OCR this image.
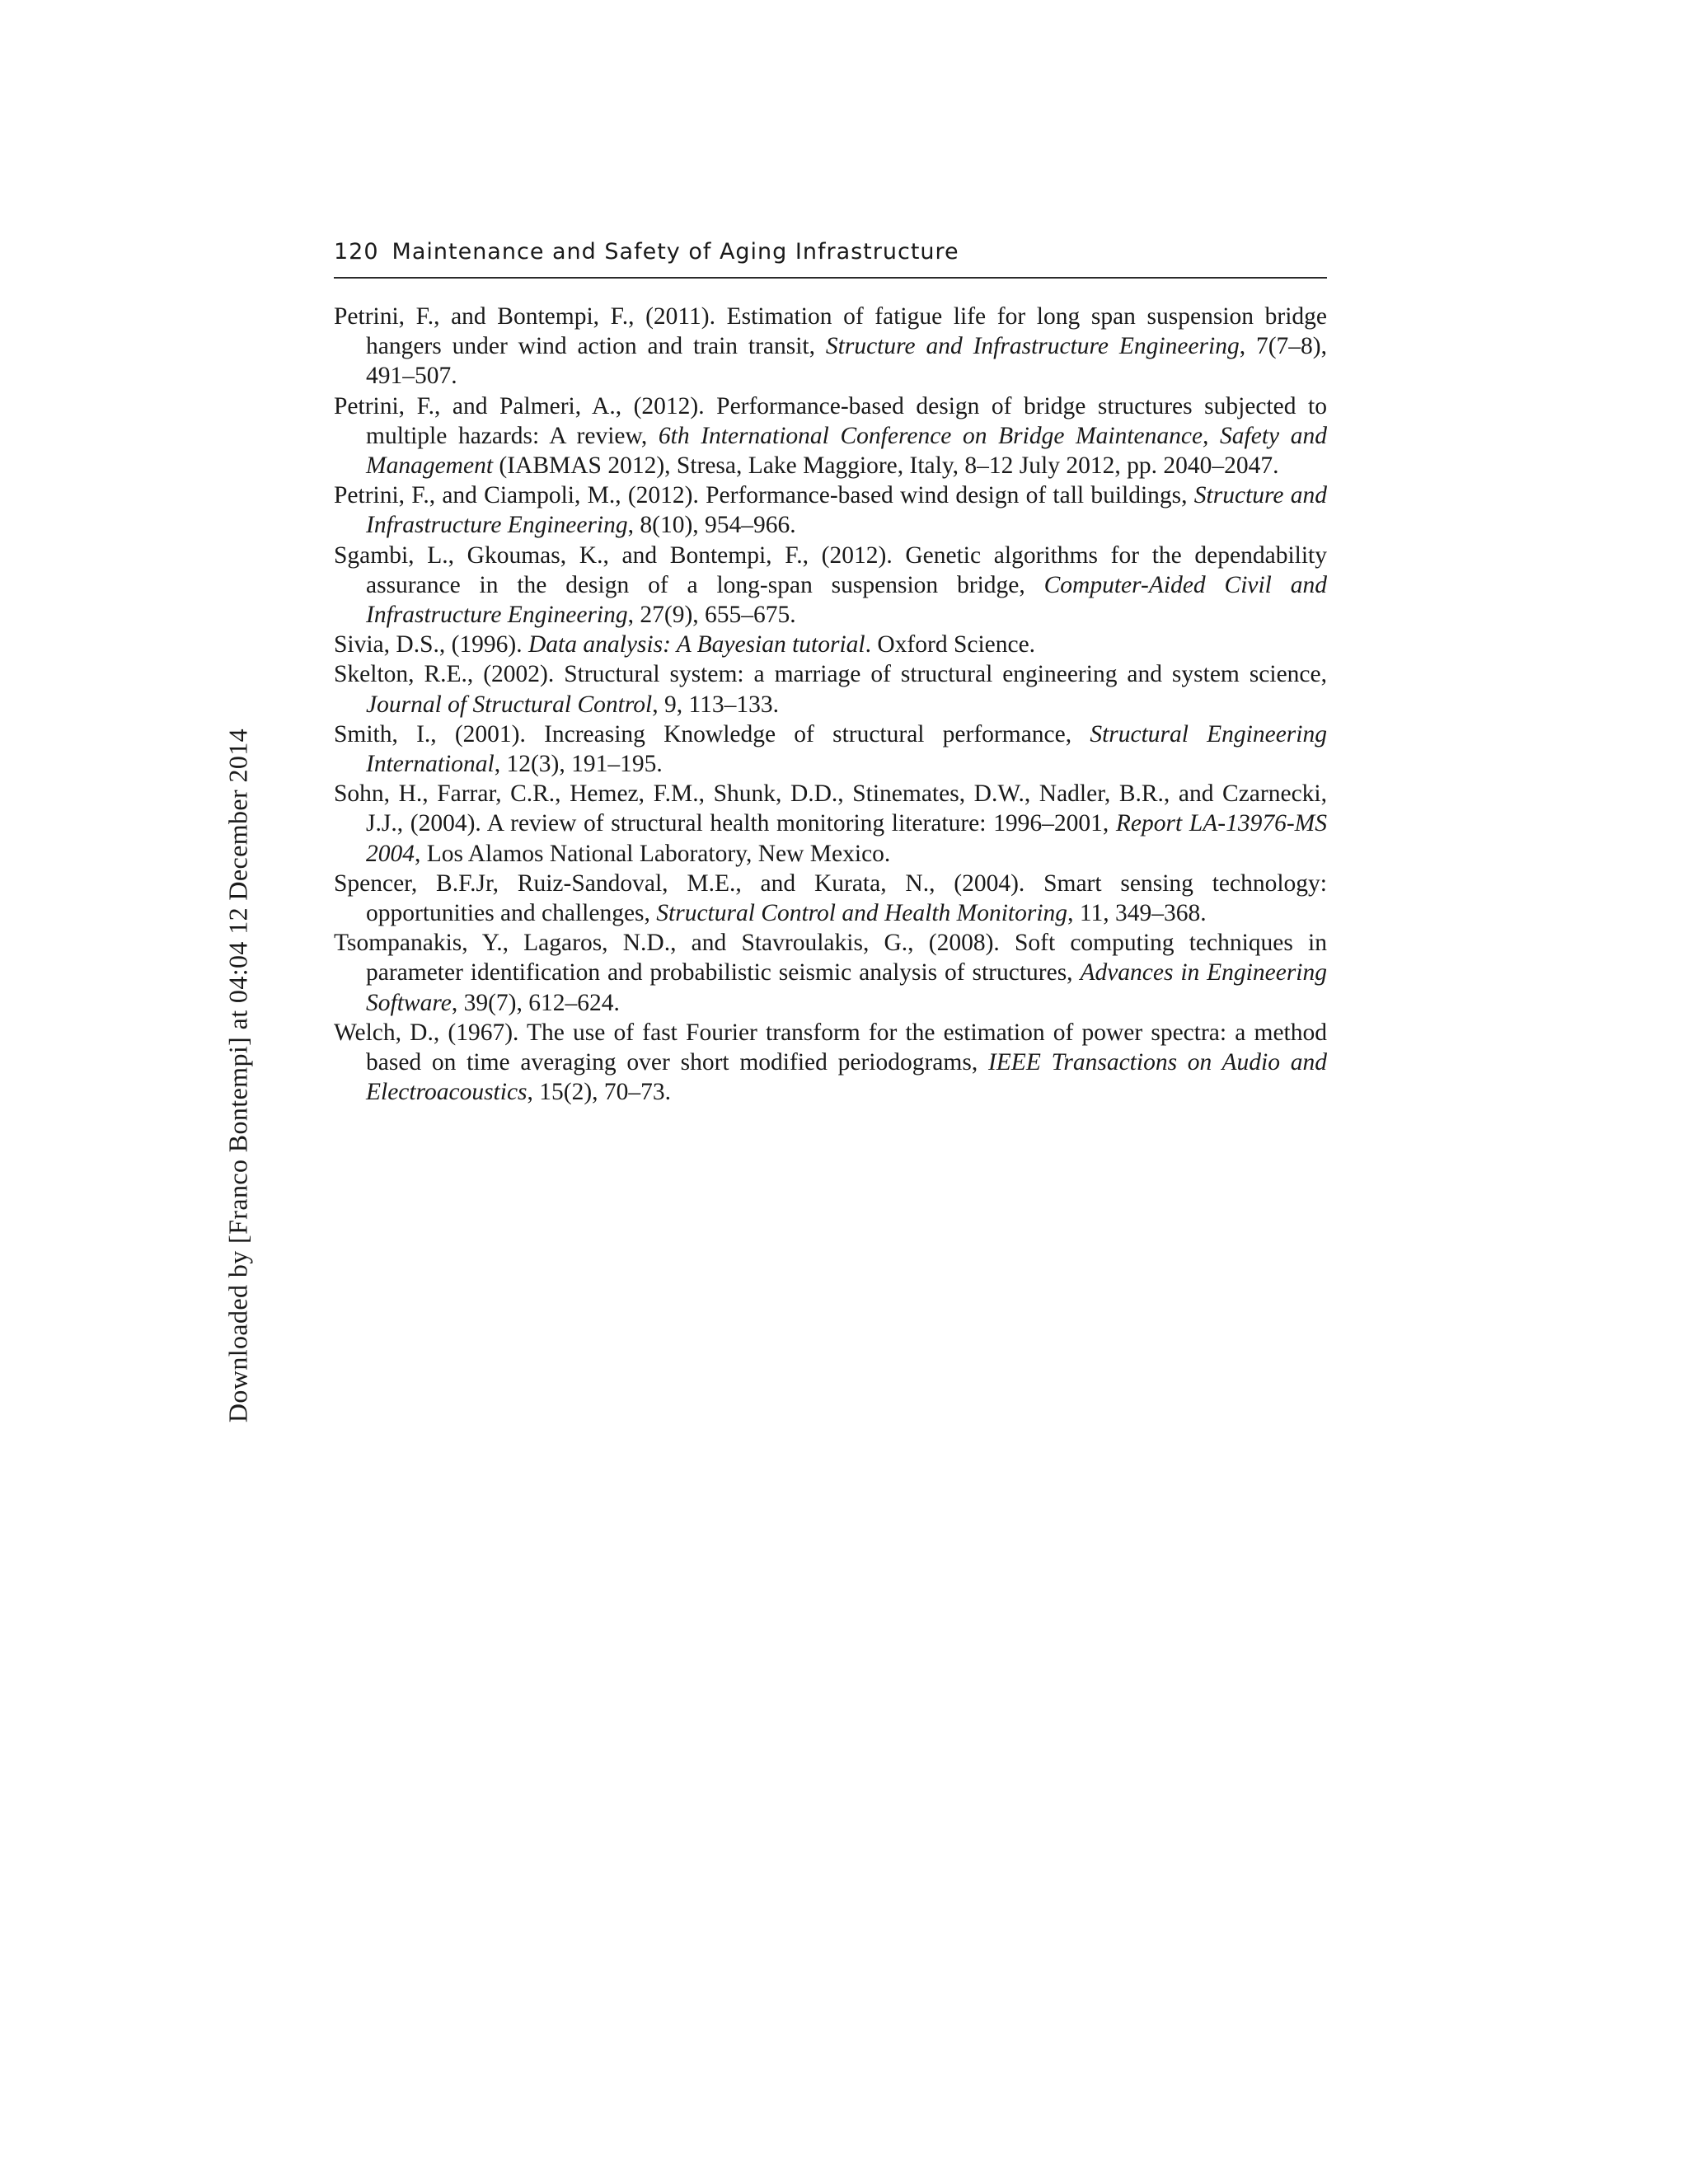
120 Maintenance and Safety of Aging Infrastructure
Petrini, F., and Bontempi, F., (2011). Estimation of fatigue life for long span suspension bridge hangers under wind action and train transit, Structure and Infrastructure Engineering, 7(7–8), 491–507.
Petrini, F., and Palmeri, A., (2012). Performance-based design of bridge structures subjected to multiple hazards: A review, 6th International Conference on Bridge Maintenance, Safety and Management (IABMAS 2012), Stresa, Lake Maggiore, Italy, 8–12 July 2012, pp. 2040–2047.
Petrini, F., and Ciampoli, M., (2012). Performance-based wind design of tall buildings, Structure and Infrastructure Engineering, 8(10), 954–966.
Sgambi, L., Gkoumas, K., and Bontempi, F., (2012). Genetic algorithms for the dependability assurance in the design of a long-span suspension bridge, Computer-Aided Civil and Infrastructure Engineering, 27(9), 655–675.
Sivia, D.S., (1996). Data analysis: A Bayesian tutorial. Oxford Science.
Skelton, R.E., (2002). Structural system: a marriage of structural engineering and system science, Journal of Structural Control, 9, 113–133.
Smith, I., (2001). Increasing Knowledge of structural performance, Structural Engineering International, 12(3), 191–195.
Sohn, H., Farrar, C.R., Hemez, F.M., Shunk, D.D., Stinemates, D.W., Nadler, B.R., and Czarnecki, J.J., (2004). A review of structural health monitoring literature: 1996–2001, Report LA-13976-MS 2004, Los Alamos National Laboratory, New Mexico.
Spencer, B.F.Jr, Ruiz-Sandoval, M.E., and Kurata, N., (2004). Smart sensing technology: opportunities and challenges, Structural Control and Health Monitoring, 11, 349–368.
Tsompanakis, Y., Lagaros, N.D., and Stavroulakis, G., (2008). Soft computing techniques in parameter identification and probabilistic seismic analysis of structures, Advances in Engineering Software, 39(7), 612–624.
Welch, D., (1967). The use of fast Fourier transform for the estimation of power spectra: a method based on time averaging over short modified periodograms, IEEE Transactions on Audio and Electroacoustics, 15(2), 70–73.
Downloaded by [Franco Bontempi] at 04:04 12 December 2014
